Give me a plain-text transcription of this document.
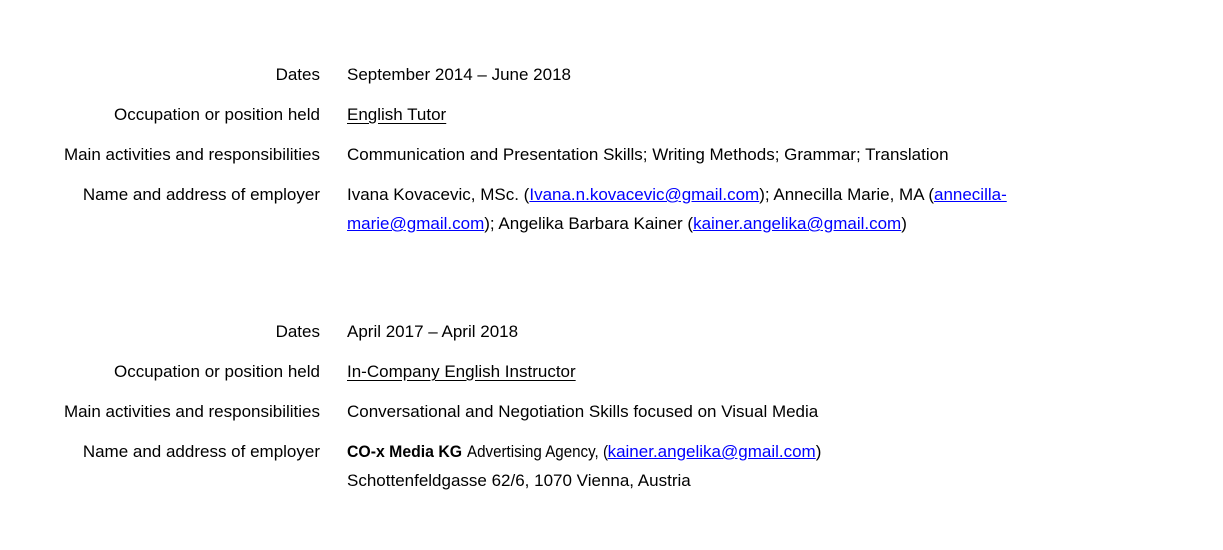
Dates September 2014 – June 2018
Occupation or position held English Tutor
Main activities and responsibilities Communication and Presentation Skills; Writing Methods; Grammar; Translation
Name and address of employer Ivana Kovacevic, MSc. (Ivana.n.kovacevic@gmail.com); Annecilla Marie, MA (annecilla-
marie@gmail.com); Angelika Barbara Kainer (kainer.angelika@gmail.com)
Dates April 2017 – April 2018
Occupation or position held In-Company English Instructor
Main activities and responsibilities Conversational and Negotiation Skills focused on Visual Media
Name and address of employer CO-x Media KG Advertising Agency, (kainer.angelika@gmail.com)
Schottenfeldgasse 62/6, 1070 Vienna, Austria
